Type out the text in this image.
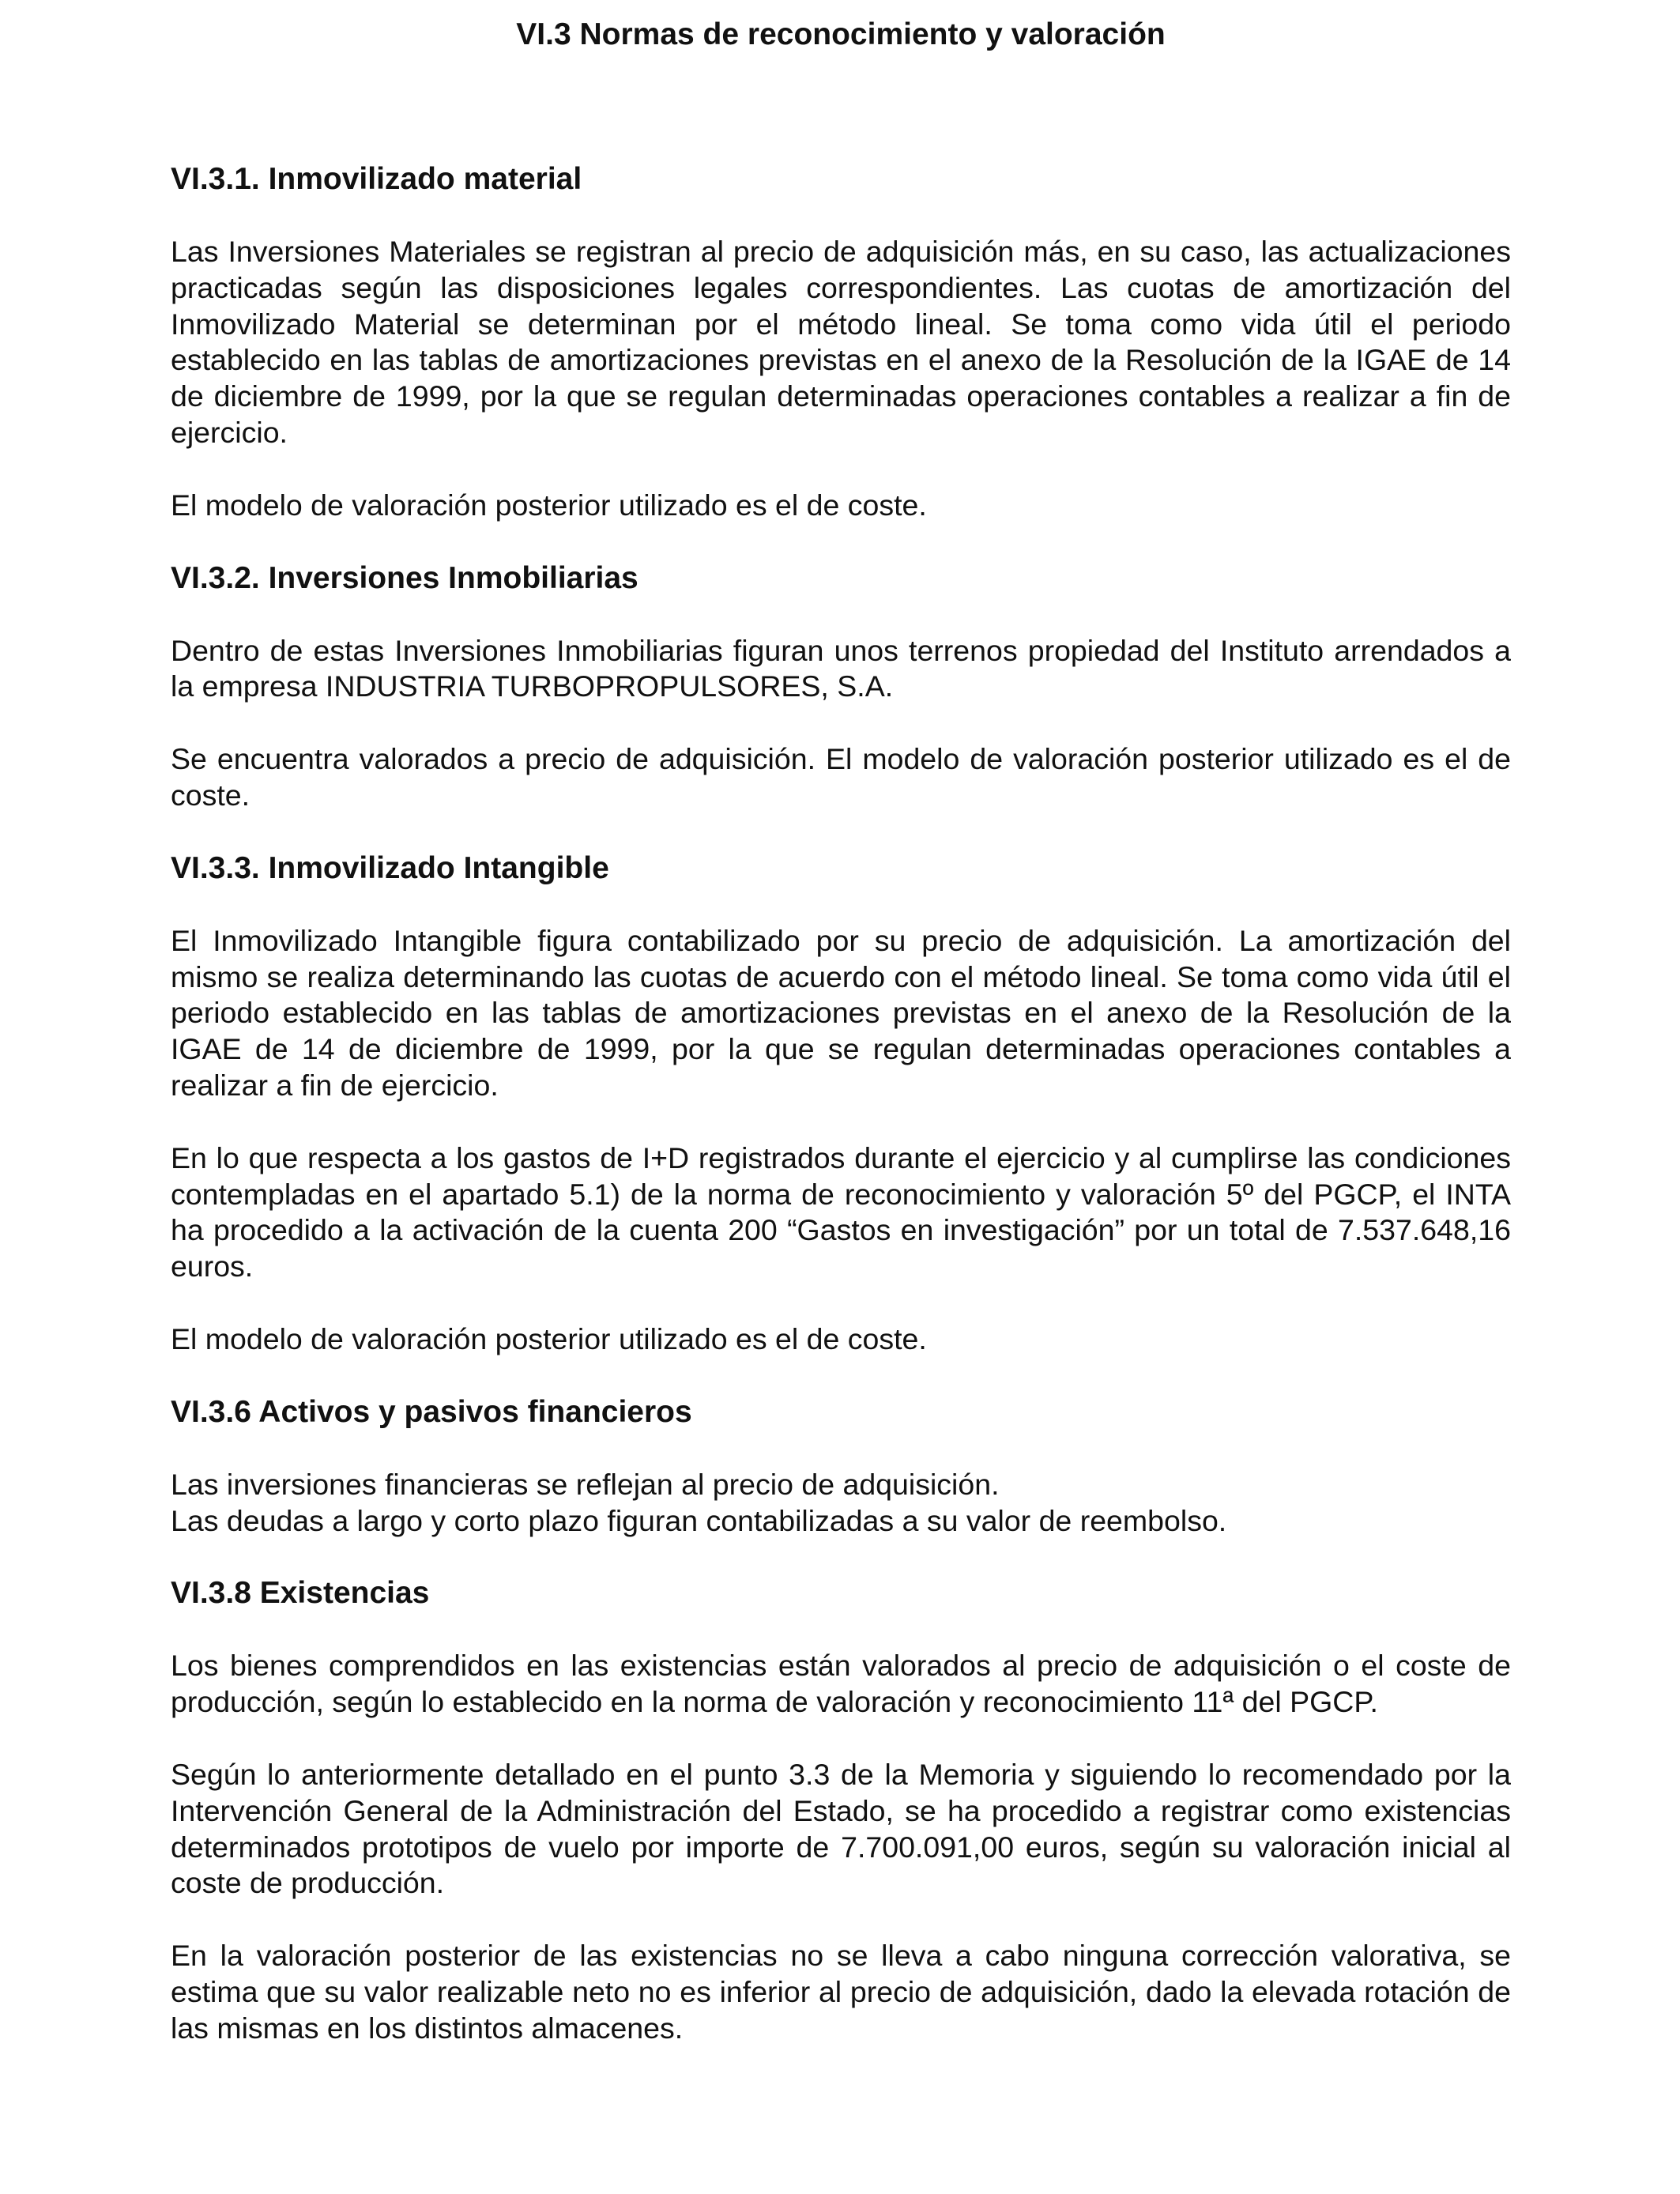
VI.3 Normas de reconocimiento y valoración
VI.3.1. Inmovilizado material

Las Inversiones Materiales se registran al precio de adquisición más, en su caso, las actualizaciones practicadas según las disposiciones legales correspondientes. Las cuotas de amortización del Inmovilizado Material se determinan por el método lineal. Se toma como vida útil el periodo establecido en las tablas de amortizaciones previstas en el anexo de la Resolución de la IGAE de 14 de diciembre de 1999, por la que se regulan determinadas operaciones contables a realizar a fin de ejercicio.

El modelo de valoración posterior utilizado es el de coste.

VI.3.2. Inversiones Inmobiliarias

Dentro de estas Inversiones Inmobiliarias figuran unos terrenos propiedad del Instituto arrendados a la empresa INDUSTRIA TURBOPROPULSORES, S.A.

Se encuentra valorados a precio de adquisición. El modelo de valoración posterior utilizado es el de coste.

VI.3.3. Inmovilizado Intangible

El Inmovilizado Intangible figura contabilizado por su precio de adquisición. La amortización del mismo se realiza determinando las cuotas de acuerdo con el método lineal. Se toma como vida útil el periodo establecido en las tablas de amortizaciones previstas en el anexo de la Resolución de la IGAE de 14 de diciembre de 1999, por la que se regulan determinadas operaciones contables a realizar a fin de ejercicio.

En lo que respecta a los gastos de I+D registrados durante el ejercicio y al cumplirse las condiciones contempladas en el apartado 5.1) de la norma de reconocimiento y valoración 5º del PGCP, el INTA ha procedido a la activación de la cuenta 200 “Gastos en investigación” por un total de 7.537.648,16 euros.

El modelo de valoración posterior utilizado es el de coste.

VI.3.6 Activos y pasivos financieros

Las inversiones financieras se reflejan al precio de adquisición.

Las deudas a largo y corto plazo figuran contabilizadas a su valor de reembolso.

VI.3.8 Existencias

Los bienes comprendidos en las existencias están valorados al precio de adquisición o el coste de producción, según lo establecido en la norma de valoración y reconocimiento 11ª del PGCP.

Según lo anteriormente detallado en el punto 3.3 de la Memoria y siguiendo lo recomendado por la Intervención General de la Administración del Estado, se ha procedido a registrar como existencias determinados prototipos de vuelo por importe de 7.700.091,00 euros, según su valoración inicial al coste de producción.

En la valoración posterior de las existencias no se lleva a cabo ninguna corrección valorativa, se estima que su valor realizable neto no es inferior al precio de adquisición, dado la elevada rotación de las mismas en los distintos almacenes.
